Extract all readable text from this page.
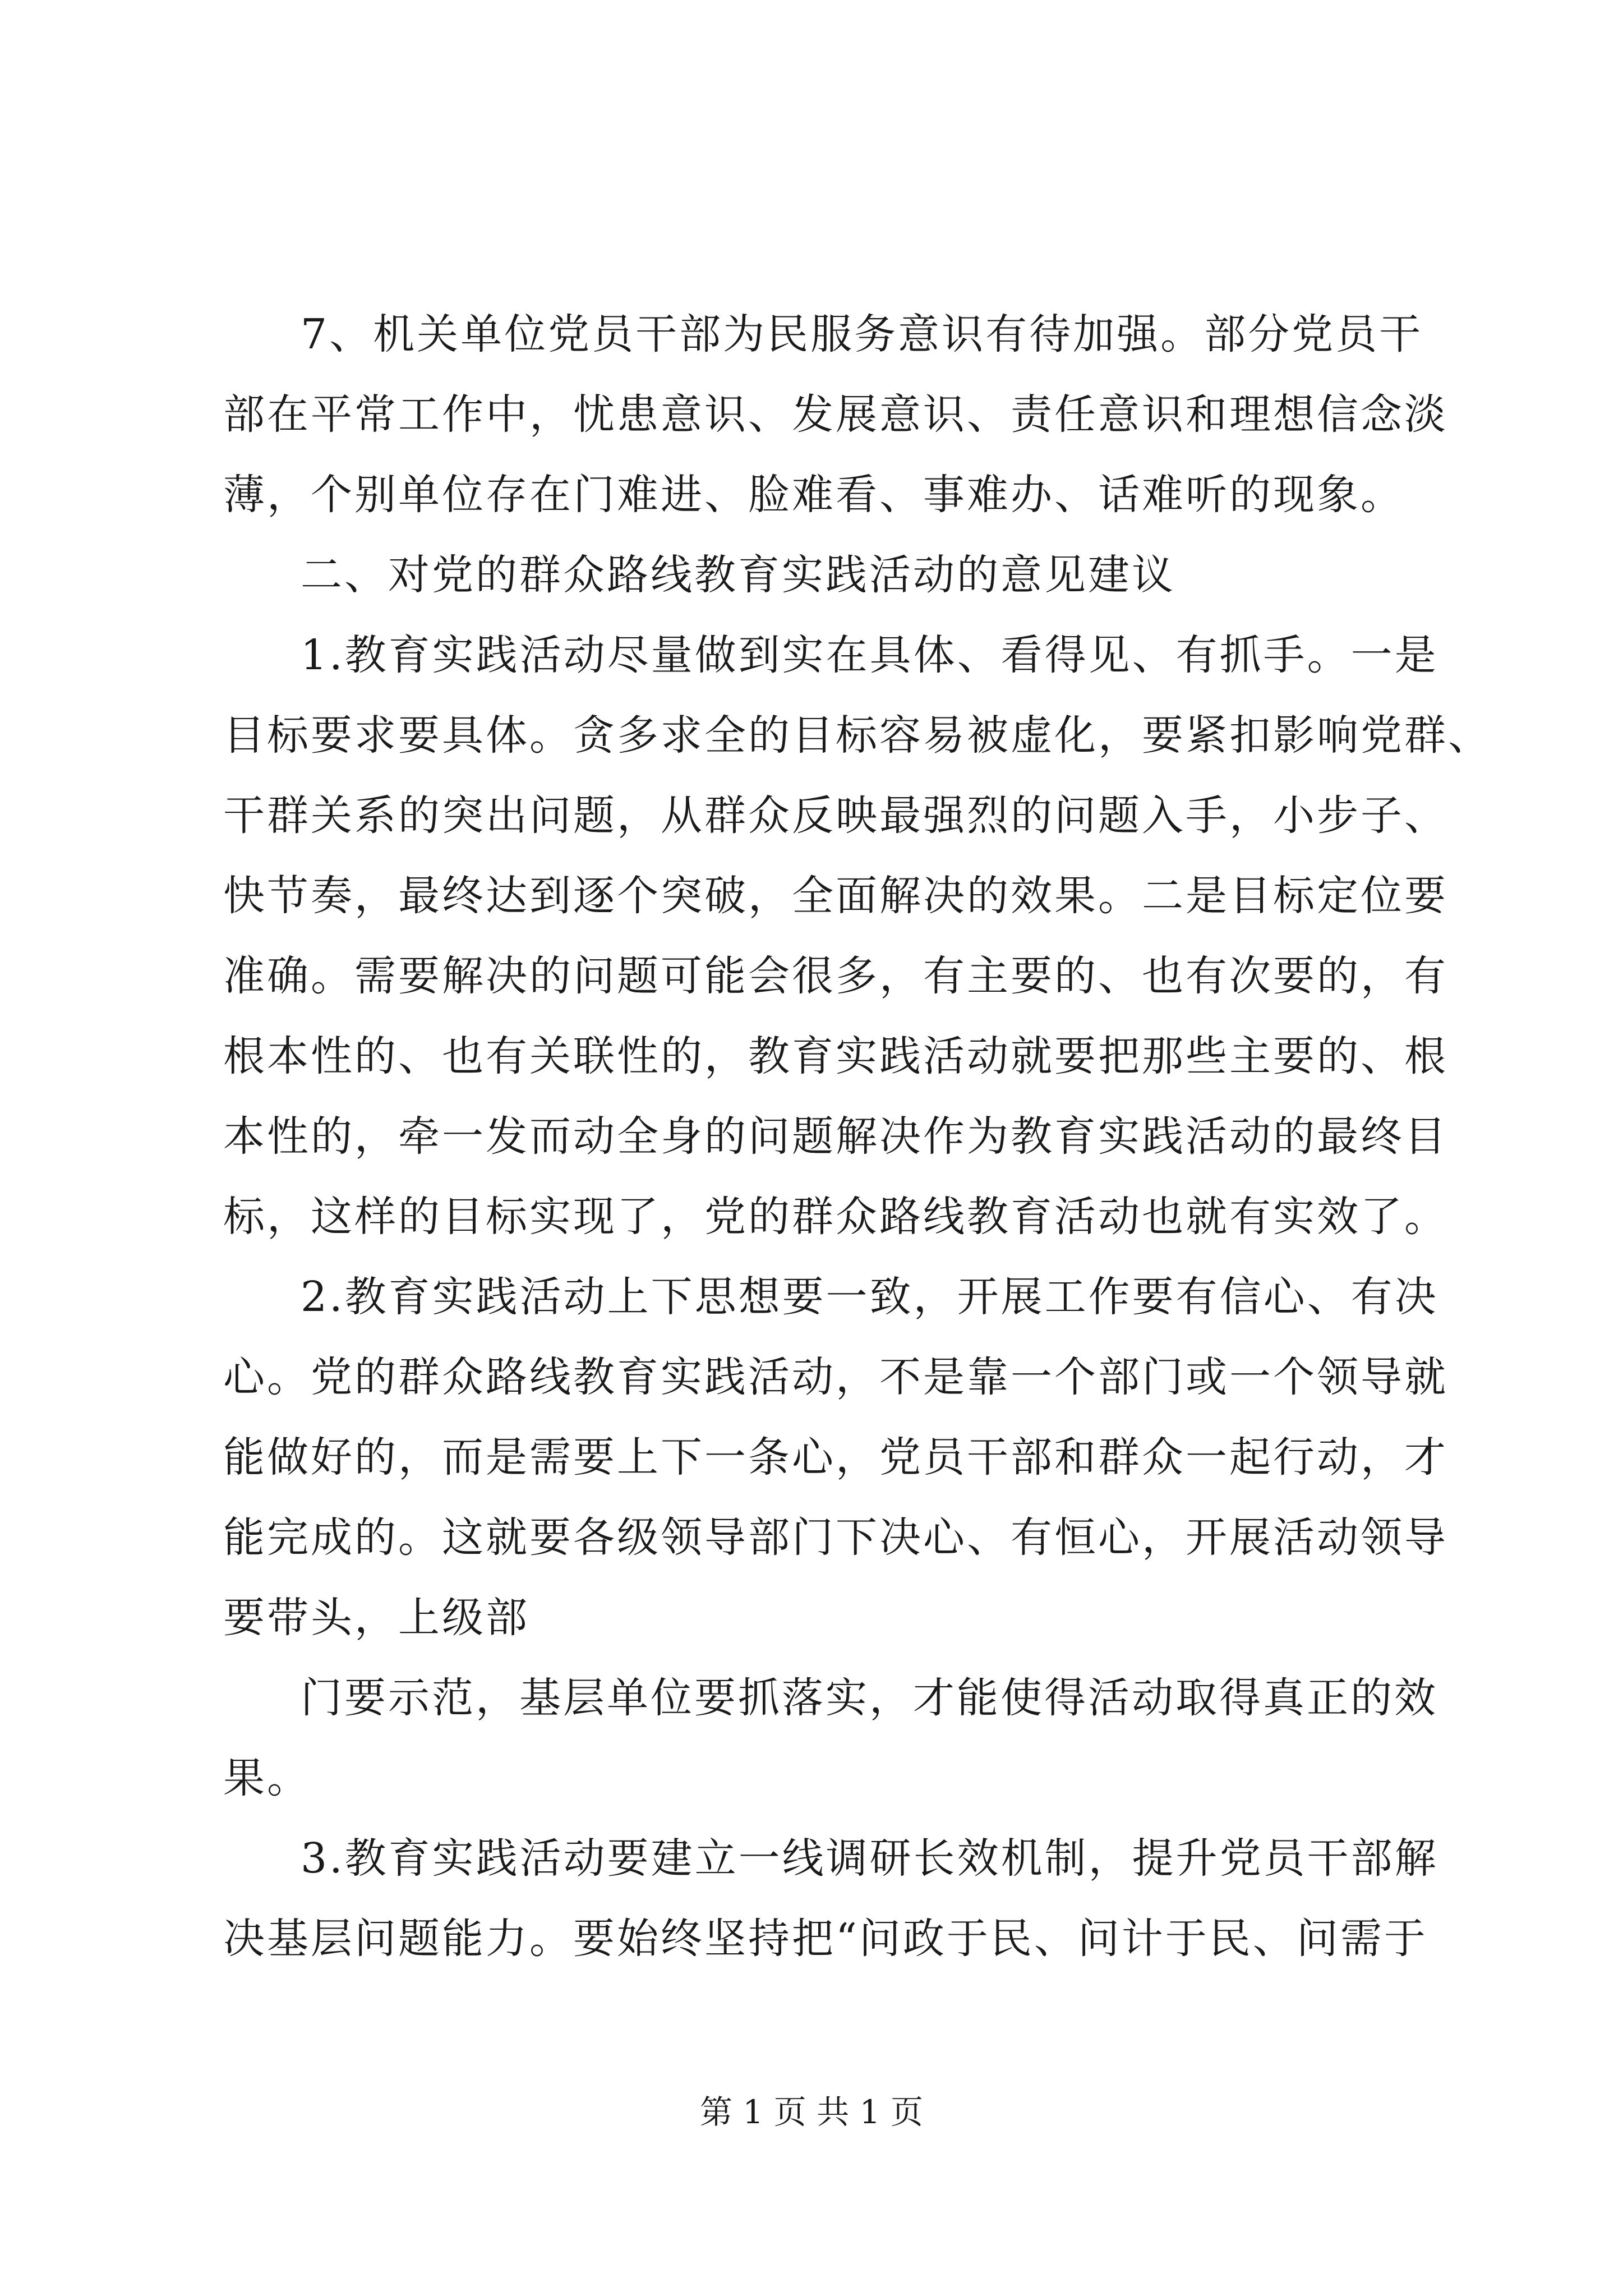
7、机关单位党员干部为民服务意识有待加强。部分党员干
部在平常工作中，忧患意识、发展意识、责任意识和理想信念淡
薄，个别单位存在门难进、脸难看、事难办、话难听的现象。
二、对党的群众路线教育实践活动的意见建议
1.教育实践活动尽量做到实在具体、看得见、有抓手。一是
目标要求要具体。贪多求全的目标容易被虚化，要紧扣影响党群、
干群关系的突出问题，从群众反映最强烈的问题入手，小步子、
快节奏，最终达到逐个突破，全面解决的效果。二是目标定位要
准确。需要解决的问题可能会很多，有主要的、也有次要的，有
根本性的、也有关联性的，教育实践活动就要把那些主要的、根
本性的，牵一发而动全身的问题解决作为教育实践活动的最终目
标，这样的目标实现了，党的群众路线教育活动也就有实效了。
2.教育实践活动上下思想要一致，开展工作要有信心、有决
心。党的群众路线教育实践活动，不是靠一个部门或一个领导就
能做好的，而是需要上下一条心，党员干部和群众一起行动，才
能完成的。这就要各级领导部门下决心、有恒心，开展活动领导
要带头，上级部
门要示范，基层单位要抓落实，才能使得活动取得真正的效
果。
3.教育实践活动要建立一线调研长效机制，提升党员干部解
决基层问题能力。要始终坚持把“问政于民、问计于民、问需于
第 1 页 共 1 页
